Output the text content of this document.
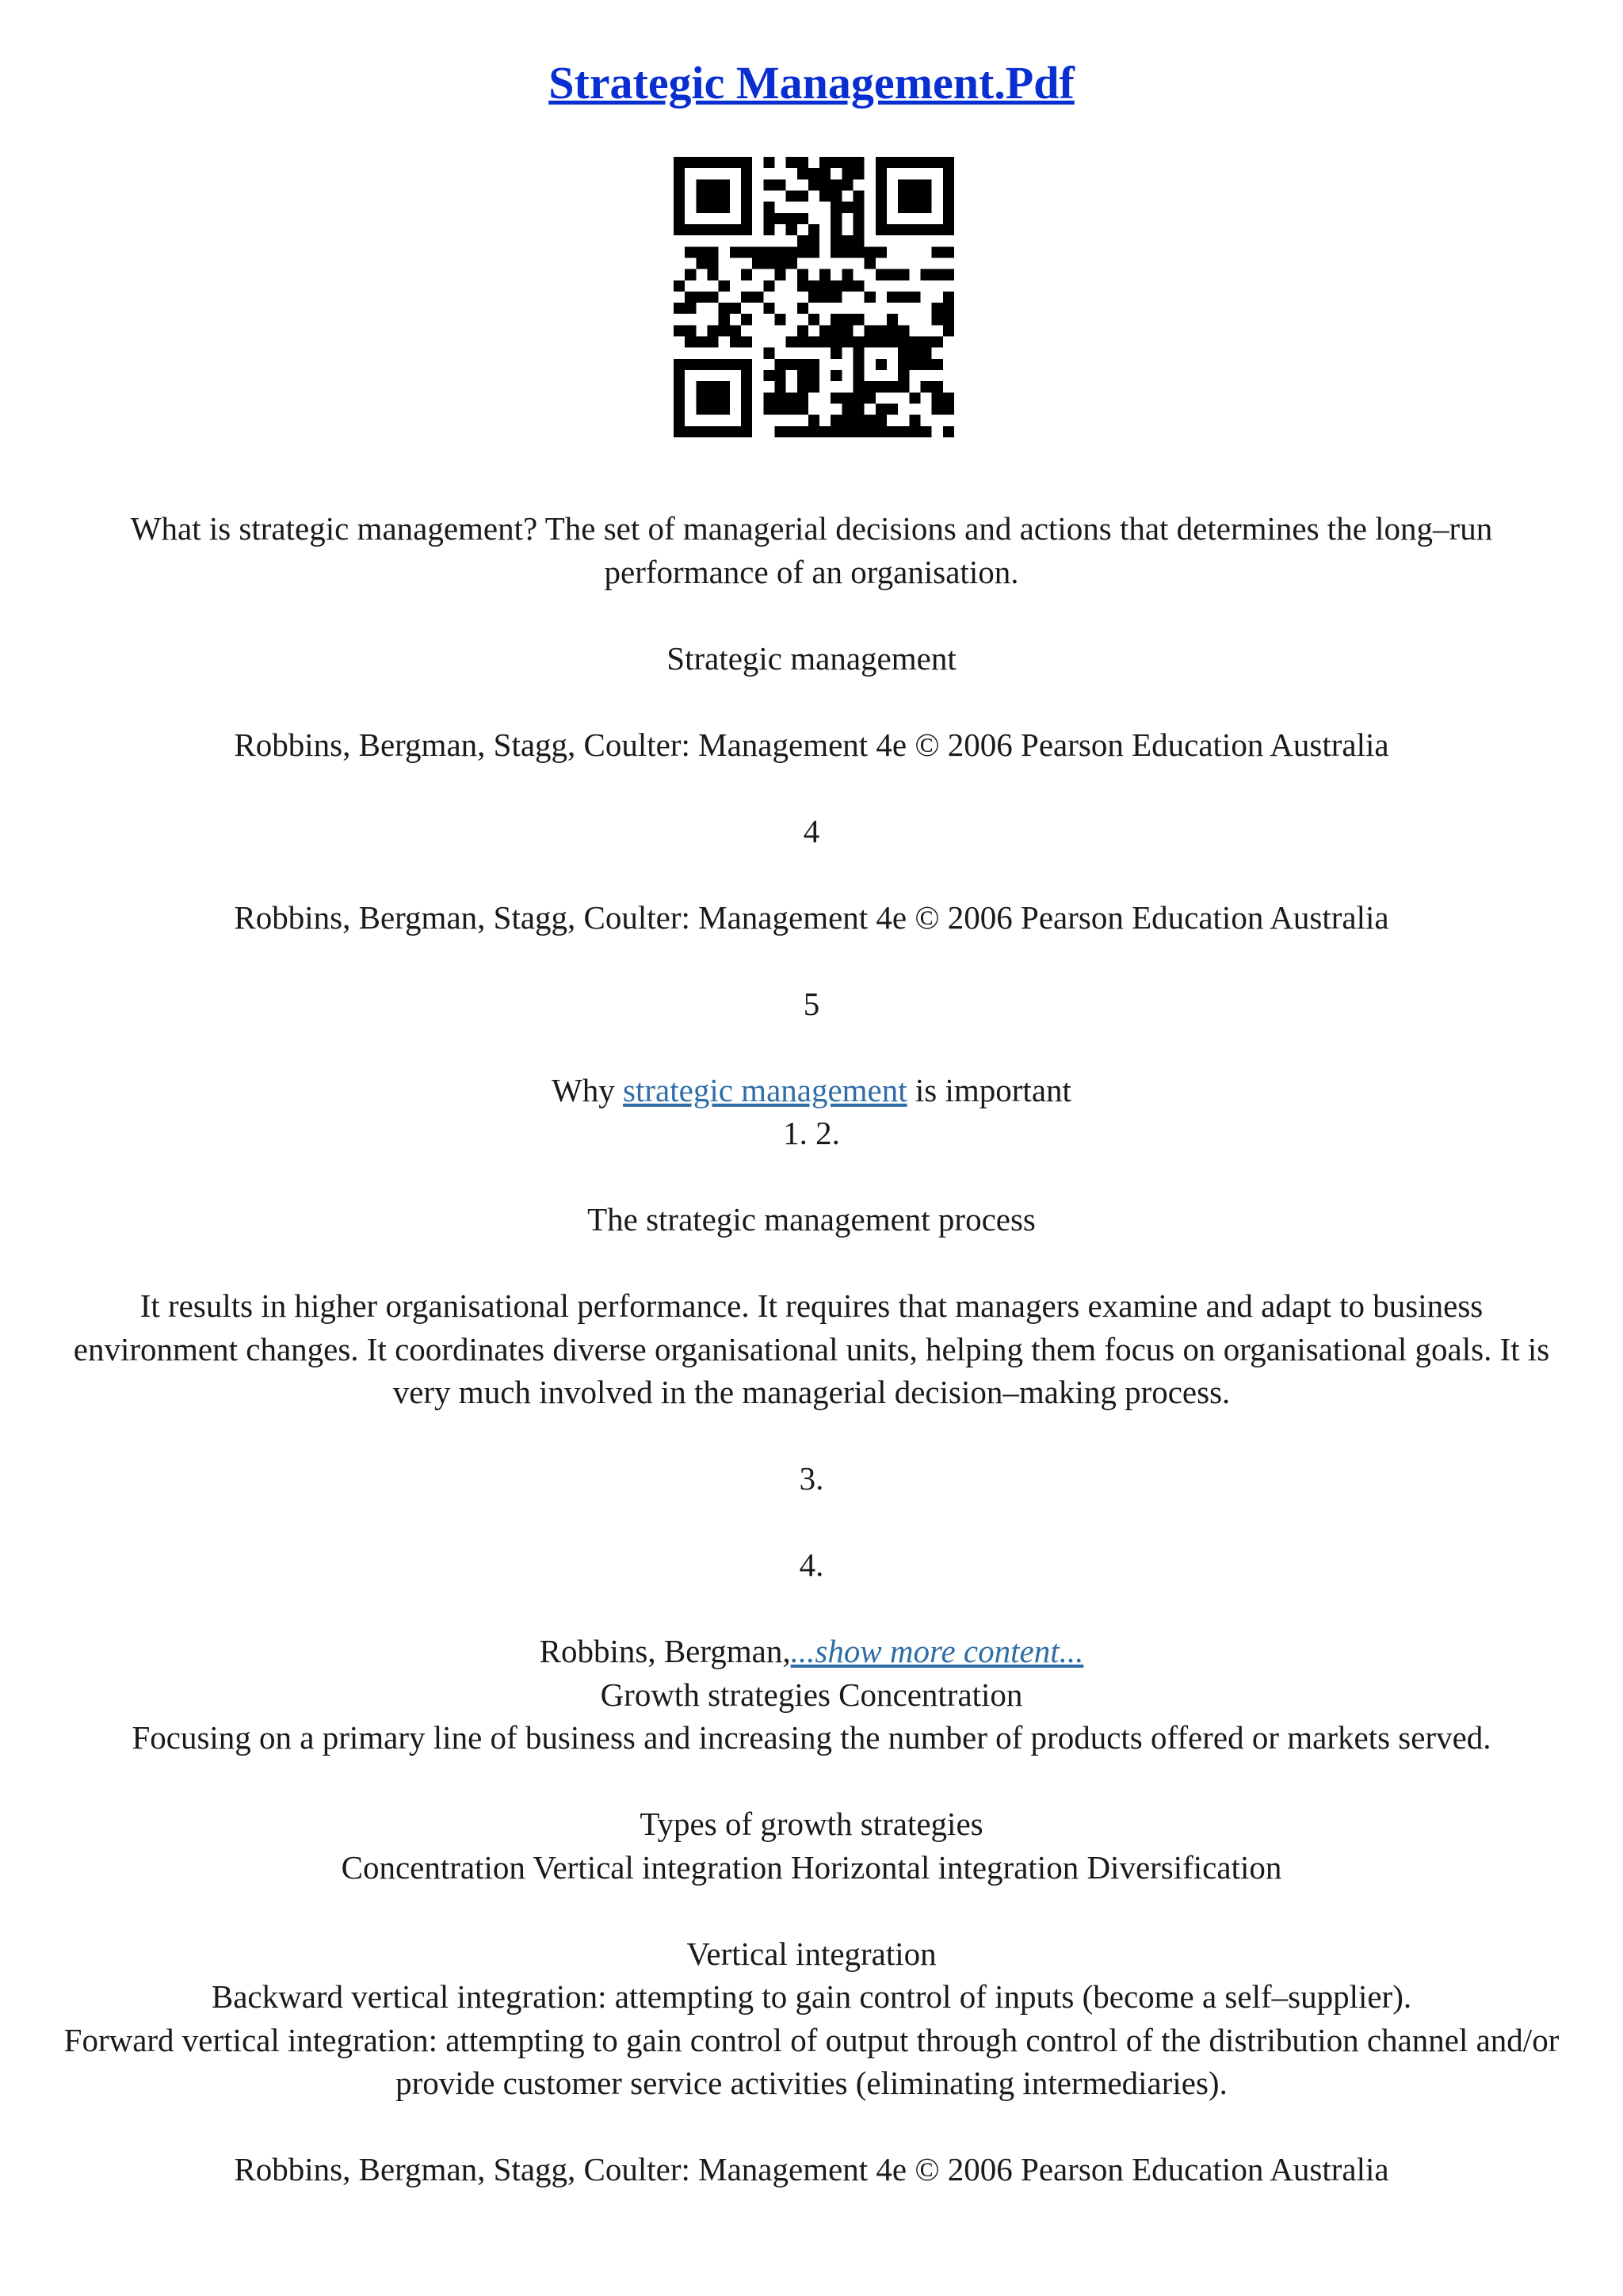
Strategic Management.Pdf

What is strategic management? The set of managerial decisions and actions that determines the long–run performance of an organisation.

Strategic management

Robbins, Bergman, Stagg, Coulter: Management 4e © 2006 Pearson Education Australia

4

Robbins, Bergman, Stagg, Coulter: Management 4e © 2006 Pearson Education Australia

5

Why strategic management is important

1. 2.

The strategic management process

It results in higher organisational performance. It requires that managers examine and adapt to business environment changes. It coordinates diverse organisational units, helping them focus on organisational goals. It is very much involved in the managerial decision–making process.

3.

4.

Robbins, Bergman,...show more content...

Growth strategies Concentration

Focusing on a primary line of business and increasing the number of products offered or markets served.

Types of growth strategies

Concentration Vertical integration Horizontal integration Diversification

Vertical integration

Backward vertical integration: attempting to gain control of inputs (become a self–supplier).

Forward vertical integration: attempting to gain control of output through control of the distribution channel and/or provide customer service activities (eliminating intermediaries).

Robbins, Bergman, Stagg, Coulter: Management 4e © 2006 Pearson Education Australia
